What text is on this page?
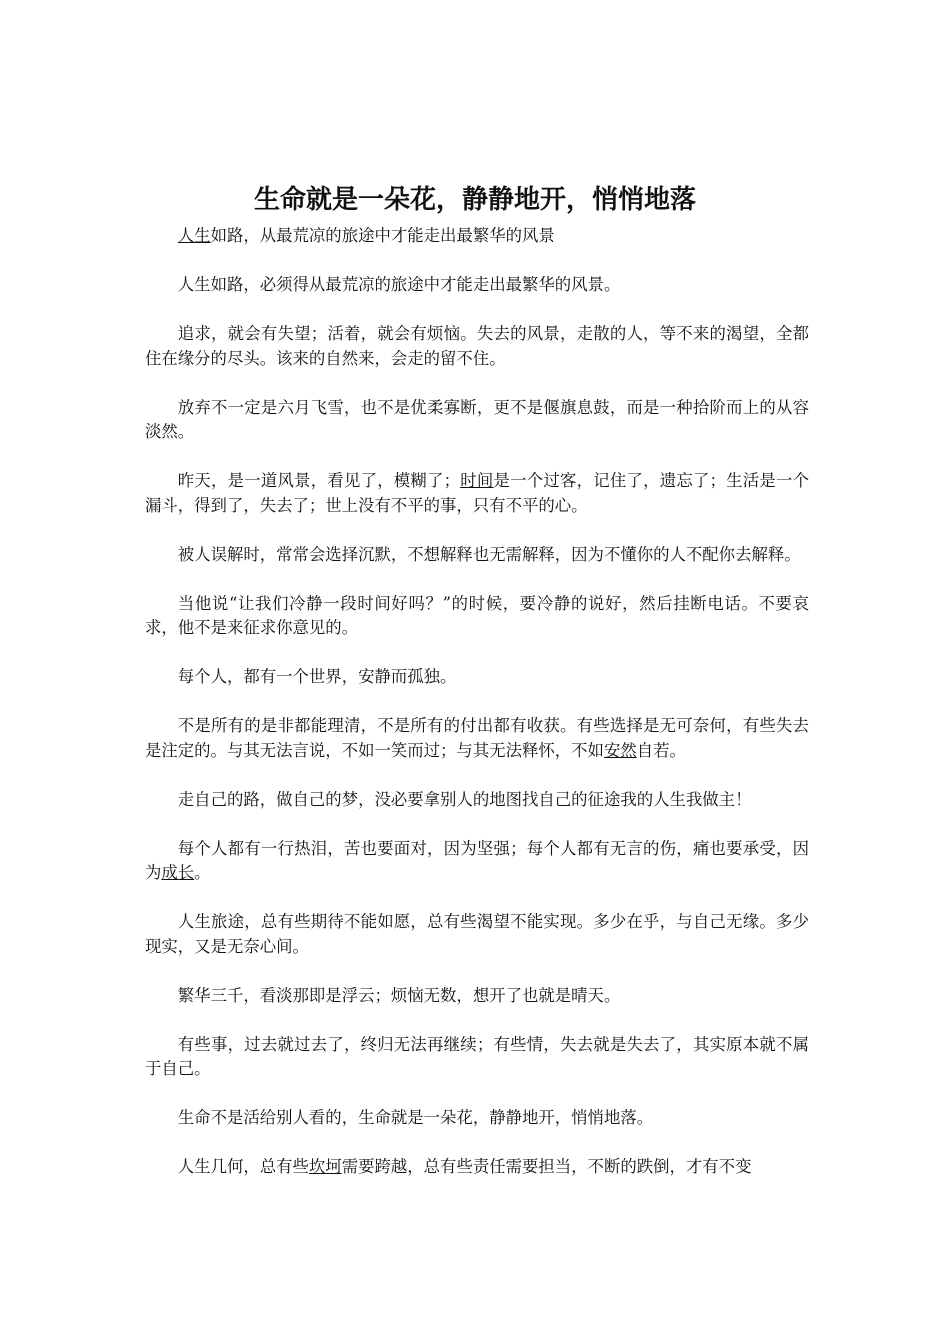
生命就是一朵花，静静地开，悄悄地落

人生如路，从最荒凉的旅途中才能走出最繁华的风景

人生如路，必须得从最荒凉的旅途中才能走出最繁华的风景。

追求，就会有失望；活着，就会有烦恼。失去的风景，走散的人，等不来的渴望，全都住在缘分的尽头。该来的自然来，会走的留不住。

放弃不一定是六月飞雪，也不是优柔寡断，更不是偃旗息鼓，而是一种拾阶而上的从容淡然。

昨天，是一道风景，看见了，模糊了；时间是一个过客，记住了，遗忘了；生活是一个漏斗，得到了，失去了；世上没有不平的事，只有不平的心。

被人误解时，常常会选择沉默，不想解释也无需解释，因为不懂你的人不配你去解释。

当他说“让我们冷静一段时间好吗？”的时候，要冷静的说好，然后挂断电话。不要哀求，他不是来征求你意见的。

每个人，都有一个世界，安静而孤独。

不是所有的是非都能理清，不是所有的付出都有收获。有些选择是无可奈何，有些失去是注定的。与其无法言说，不如一笑而过；与其无法释怀，不如安然自若。

走自己的路，做自己的梦，没必要拿别人的地图找自己的征途我的人生我做主！

每个人都有一行热泪，苦也要面对，因为坚强；每个人都有无言的伤，痛也要承受，因为成长。

人生旅途，总有些期待不能如愿，总有些渴望不能实现。多少在乎，与自己无缘。多少现实，又是无奈心间。

繁华三千，看淡那即是浮云；烦恼无数，想开了也就是晴天。

有些事，过去就过去了，终归无法再继续；有些情，失去就是失去了，其实原本就不属于自己。

生命不是活给别人看的，生命就是一朵花，静静地开，悄悄地落。

人生几何，总有些坎坷需要跨越，总有些责任需要担当，不断的跌倒，才有不变
